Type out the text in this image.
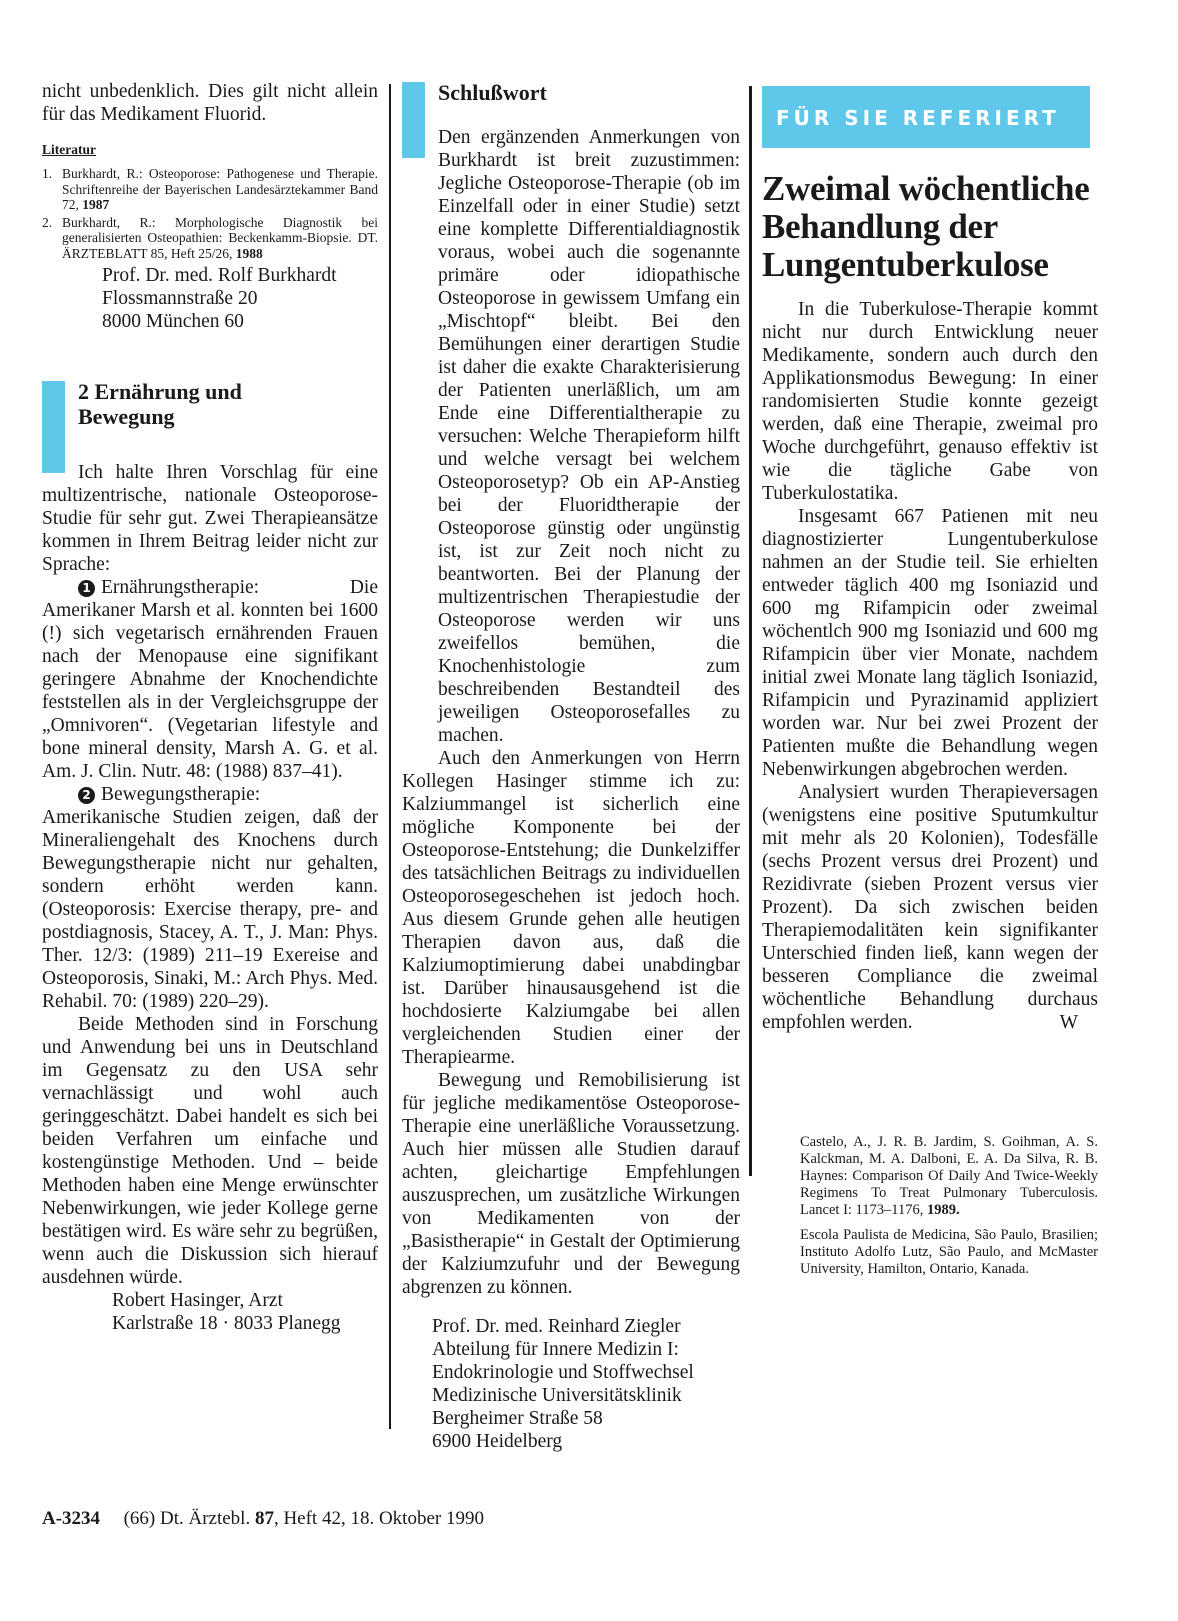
nicht unbedenklich. Dies gilt nicht allein für das Medikament Fluorid.

Literatur
1. Burkhardt, R.: Osteoporose: Pathogenese und Therapie. Schriftenreihe der Bayerischen Landesärztekammer Band 72, 1987
2. Burkhardt, R.: Morphologische Diagnostik bei generalisierten Osteopathien: Beckenkamm-Biopsie. DT. ÄRZTEBLATT 85, Heft 25/26, 1988
Prof. Dr. med. Rolf Burkhardt
Flossmannstraße 20
8000 München 60
2 Ernährung und
Bewegung

Ich halte Ihren Vorschlag für eine multizentrische, nationale Osteoporose-Studie für sehr gut. Zwei Therapieansätze kommen in Ihrem Beitrag leider nicht zur Sprache:

1 Ernährungstherapie: Die Amerikaner Marsh et al. konnten bei 1600 (!) sich vegetarisch ernährenden Frauen nach der Menopause eine signifikant geringere Abnahme der Knochendichte feststellen als in der Vergleichsgruppe der „Omnivoren“. (Vegetarian lifestyle and bone mineral density, Marsh A. G. et al. Am. J. Clin. Nutr. 48: (1988) 837–41).

2 Bewegungstherapie: Amerikanische Studien zeigen, daß der Mineraliengehalt des Knochens durch Bewegungstherapie nicht nur gehalten, sondern erhöht werden kann. (Osteoporosis: Exercise therapy, pre- and postdiagnosis, Stacey, A. T., J. Man: Phys. Ther. 12/3: (1989) 211–19 Exereise and Osteoporosis, Sinaki, M.: Arch Phys. Med. Rehabil. 70: (1989) 220–29).

Beide Methoden sind in Forschung und Anwendung bei uns in Deutschland im Gegensatz zu den USA sehr vernachlässigt und wohl auch geringgeschätzt. Dabei handelt es sich bei beiden Verfahren um einfache und kostengünstige Methoden. Und – beide Methoden haben eine Menge erwünschter Nebenwirkungen, wie jeder Kollege gerne bestätigen wird. Es wäre sehr zu begrüßen, wenn auch die Diskussion sich hierauf ausdehnen würde.

Robert Hasinger, Arzt
Karlstraße 18 · 8033 Planegg
Schlußwort

Den ergänzenden Anmerkungen von Burkhardt ist breit zuzustimmen: Jegliche Osteoporose-Therapie (ob im Einzelfall oder in einer Studie) setzt eine komplette Differentialdiagnostik voraus, wobei auch die sogenannte primäre oder idiopathische Osteoporose in gewissem Umfang ein „Mischtopf“ bleibt. Bei den Bemühungen einer derartigen Studie ist daher die exakte Charakterisierung der Patienten unerläßlich, um am Ende eine Differentialtherapie zu versuchen: Welche Therapieform hilft und welche versagt bei welchem Osteoporosetyp? Ob ein AP-Anstieg bei der Fluoridtherapie der Osteoporose günstig oder ungünstig ist, ist zur Zeit noch nicht zu beantworten. Bei der Planung der multizentrischen Therapiestudie der Osteoporose werden wir uns zweifellos bemühen, die Knochenhistologie zum beschreibenden Bestandteil des jeweiligen Osteoporosefalles zu machen.

Auch den Anmerkungen von Herrn Kollegen Hasinger stimme ich zu: Kalziummangel ist sicherlich eine mögliche Komponente bei der Osteoporose-Entstehung; die Dunkelziffer des tatsächlichen Beitrags zu individuellen Osteoporosegeschehen ist jedoch hoch. Aus diesem Grunde gehen alle heutigen Therapien davon aus, daß die Kalziumoptimierung dabei unabdingbar ist. Darüber hinausausgehend ist die hochdosierte Kalziumgabe bei allen vergleichenden Studien einer der Therapiearme.

Bewegung und Remobilisierung ist für jegliche medikamentöse Osteoporose-Therapie eine unerläßliche Voraussetzung. Auch hier müssen alle Studien darauf achten, gleichartige Empfehlungen auszusprechen, um zusätzliche Wirkungen von Medikamenten von der „Basistherapie“ in Gestalt der Optimierung der Kalziumzufuhr und der Bewegung abgrenzen zu können.

Prof. Dr. med. Reinhard Ziegler
Abteilung für Innere Medizin I:
Endokrinologie und Stoffwechsel
Medizinische Universitätsklinik
Bergheimer Straße 58
6900 Heidelberg
FÜR SIE REFERIERT
Zweimal wöchentliche Behandlung der Lungentuberkulose

In die Tuberkulose-Therapie kommt nicht nur durch Entwicklung neuer Medikamente, sondern auch durch den Applikationsmodus Bewegung: In einer randomisierten Studie konnte gezeigt werden, daß eine Therapie, zweimal pro Woche durchgeführt, genauso effektiv ist wie die tägliche Gabe von Tuberkulostatika.

Insgesamt 667 Patienen mit neu diagnostizierter Lungentuberkulose nahmen an der Studie teil. Sie erhielten entweder täglich 400 mg Isoniazid und 600 mg Rifampicin oder zweimal wöchentlch 900 mg Isoniazid und 600 mg Rifampicin über vier Monate, nachdem initial zwei Monate lang täglich Isoniazid, Rifampicin und Pyrazinamid appliziert worden war. Nur bei zwei Prozent der Patienten mußte die Behandlung wegen Nebenwirkungen abgebrochen werden.

Analysiert wurden Therapieversagen (wenigstens eine positive Sputumkultur mit mehr als 20 Kolonien), Todesfälle (sechs Prozent versus drei Prozent) und Rezidivrate (sieben Prozent versus vier Prozent). Da sich zwischen beiden Therapiemodalitäten kein signifikanter Unterschied finden ließ, kann wegen der besseren Compliance die zweimal wöchentliche Behandlung durchaus empfohlen werden.	W

Castelo, A., J. R. B. Jardim, S. Goihman, A. S. Kalckman, M. A. Dalboni, E. A. Da Silva, R. B. Haynes: Comparison Of Daily And Twice-Weekly Regimens To Treat Pulmonary Tuberculosis. Lancet I: 1173–1176, 1989.

Escola Paulista de Medicina, São Paulo, Brasilien; Instituto Adolfo Lutz, São Paulo, and McMaster University, Hamilton, Ontario, Kanada.

A-3234 (66) Dt. Ärztebl. 87, Heft 42, 18. Oktober 1990
